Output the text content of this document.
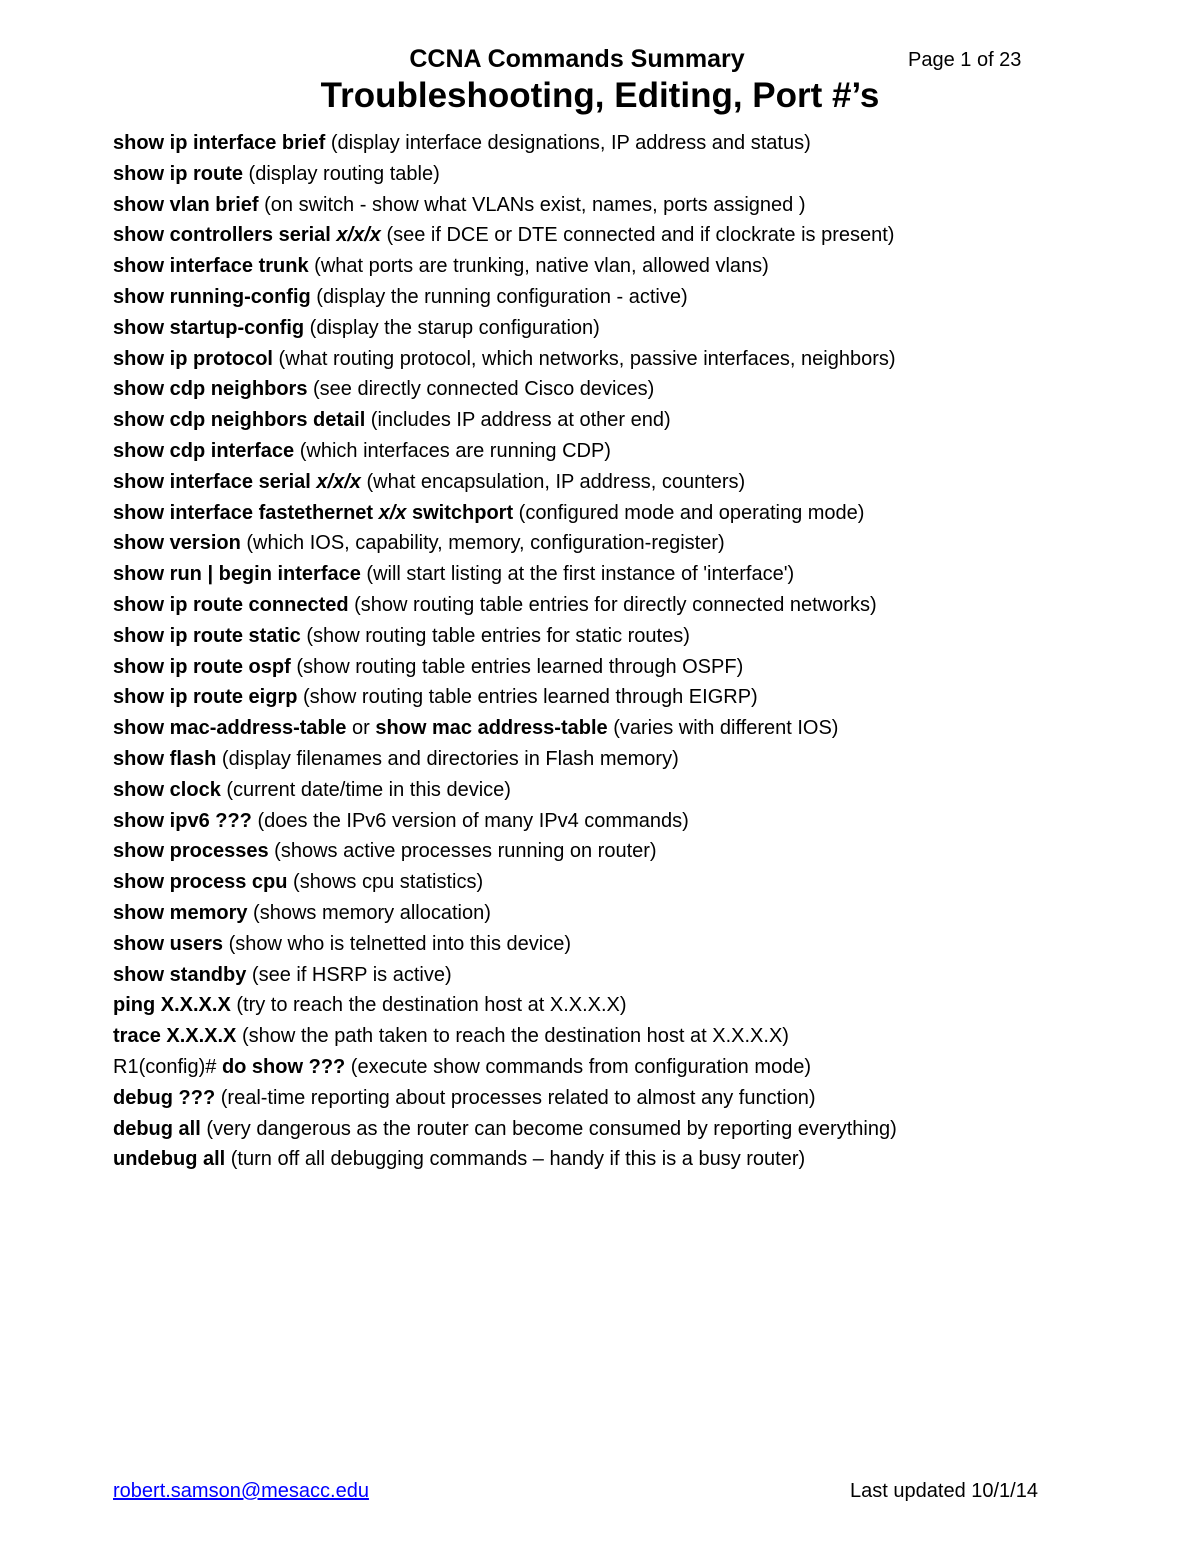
CCNA Commands Summary	Page 1 of 23
Troubleshooting, Editing, Port #’s
show ip interface brief (display interface designations, IP address and status)
show ip route (display routing table)
show vlan brief (on switch - show what VLANs exist, names, ports assigned )
show controllers serial x/x/x (see if DCE or DTE connected and if clockrate is present)
show interface trunk (what ports are trunking, native vlan, allowed vlans)
show running-config (display the running configuration - active)
show startup-config (display the starup configuration)
show ip protocol (what routing protocol, which networks, passive interfaces, neighbors)
show cdp neighbors (see directly connected Cisco devices)
show cdp neighbors detail (includes IP address at other end)
show cdp interface (which interfaces are running CDP)
show interface serial x/x/x (what encapsulation, IP address, counters)
show interface fastethernet x/x switchport (configured mode and operating mode)
show version (which IOS, capability, memory, configuration-register)
show run | begin interface (will start listing at the first instance of 'interface')
show ip route connected (show routing table entries for directly connected networks)
show ip route static (show routing table entries for static routes)
show ip route ospf (show routing table entries learned through OSPF)
show ip route eigrp (show routing table entries learned through EIGRP)
show mac-address-table or show mac address-table (varies with different IOS)
show flash (display filenames and directories in Flash memory)
show clock (current date/time in this device)
show ipv6 ??? (does the IPv6 version of many IPv4 commands)
show processes (shows active processes running on router)
show process cpu (shows cpu statistics)
show memory (shows memory allocation)
show users (show who is telnetted into this device)
show standby (see if HSRP is active)
ping X.X.X.X (try to reach the destination host at X.X.X.X)
trace X.X.X.X (show the path taken to reach the destination host at X.X.X.X)
R1(config)# do show ??? (execute show commands from configuration mode)
debug ??? (real-time reporting about processes related to almost any function)
debug all (very dangerous as the router can become consumed by reporting everything)
undebug all (turn off all debugging commands – handy if this is a busy router)
robert.samson@mesacc.edu	Last updated 10/1/14
